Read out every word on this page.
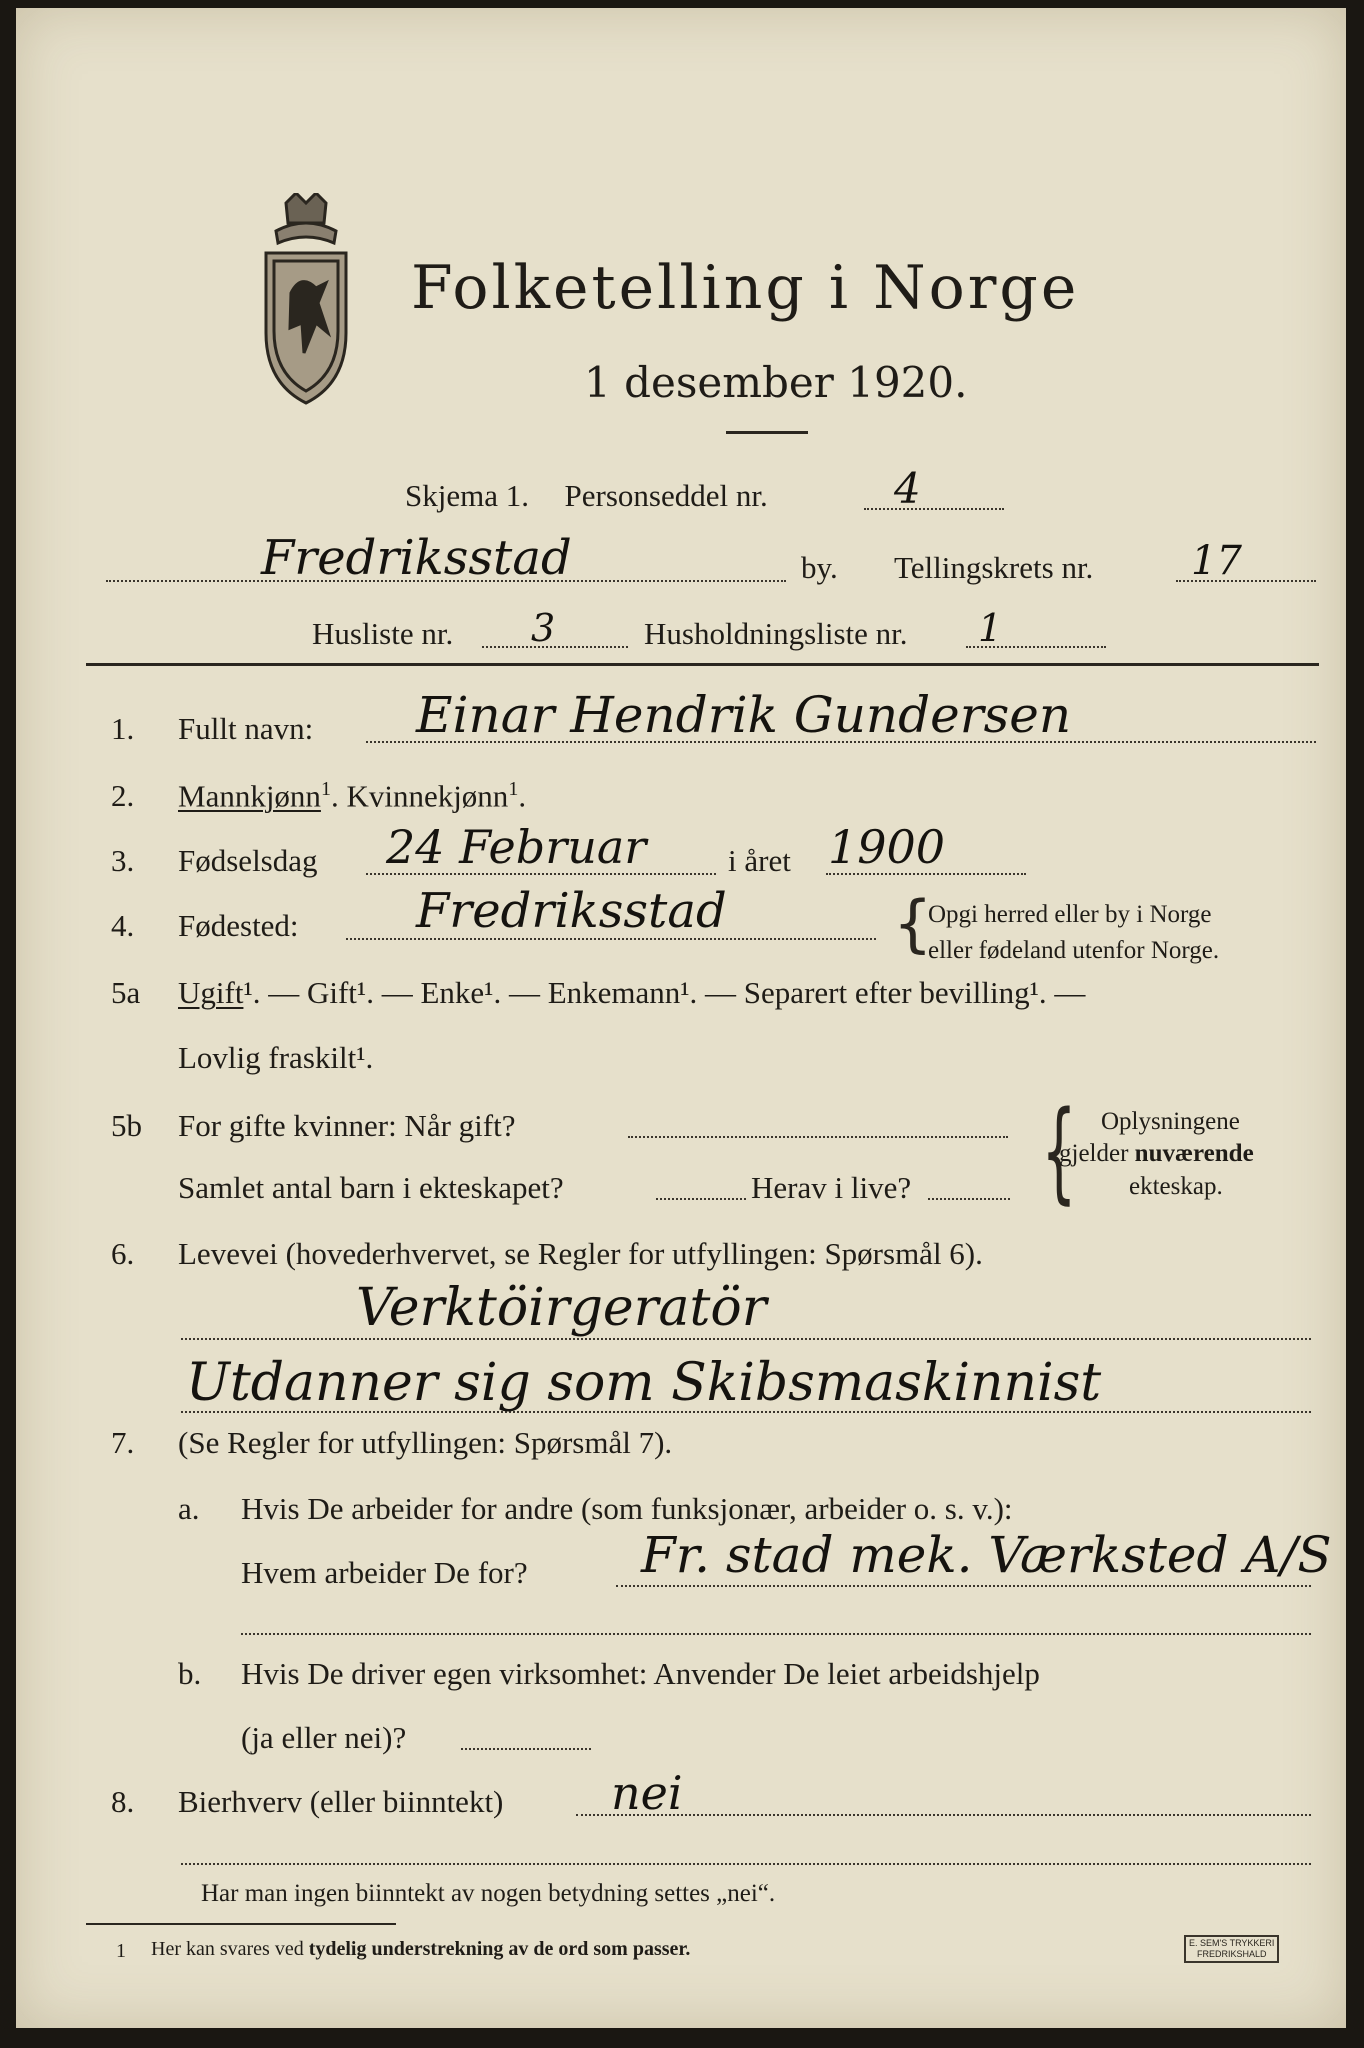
Folketelling i Norge
1 desember 1920.
Skjema 1. Personseddel nr.	4
Fredriksstad	by. Tellingskrets nr. 17
Husliste nr. 3	Husholdningsliste nr. 1
1. Fullt navn: Einar Hendrik Gundersen
2. Mannkjønn$^1$. Kvinnekjønn$^1$.
3. Fødselsdag 24 Februar	i året 1900
4. Fødested: Fredriksstad	{
Opgi herred eller by i Norge
eller fødeland utenfor Norge.
5a Ugift¹. — Gift¹. — Enke¹. — Enkemann¹. — Separert efter bevilling¹. —
Lovlig fraskilt¹.
5b For gifte kvinner: Når gift?
Samlet antal barn i ekteskapet?	Herav i live? { Oplysningene
gjelder nuværende
ekteskap.
6. Levevei (hovederhvervet, se Regler for utfyllingen: Spørsmål 6).
Verktöirgeratör
Utdanner sig som Skibsmaskinnist
7. (Se Regler for utfyllingen: Spørsmål 7).
a. Hvis De arbeider for andre (som funksjonær, arbeider o. s. v.):
Hvem arbeider De for? Fr. stad mek. Værksted A/S
b. Hvis De driver egen virksomhet: Anvender De leiet arbeidshjelp
(ja eller nei)?
8. Bierhverv (eller biinntekt) nei
Har man ingen biinntekt av nogen betydning settes „nei“.
1 Her kan svares ved tydelig understrekning av de ord som passer.	E. SEM'S TRYKKERI
FREDRIKSHALD
